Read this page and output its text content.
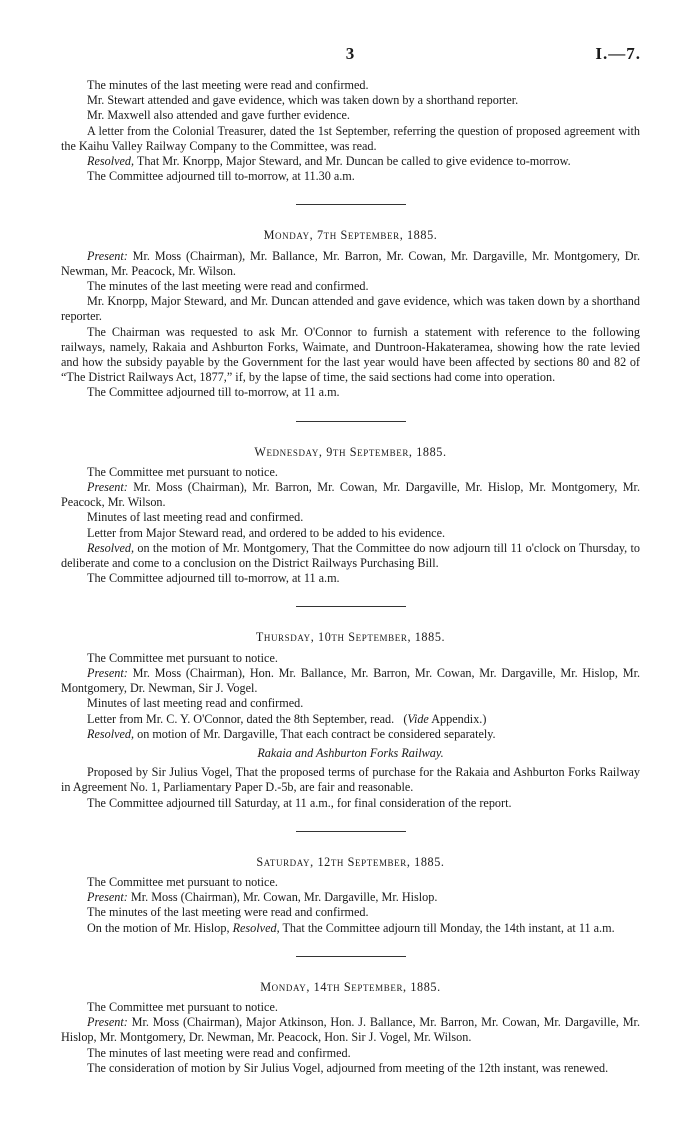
3	I.—7.

The minutes of the last meeting were read and confirmed.

Mr. Stewart attended and gave evidence, which was taken down by a shorthand reporter.

Mr. Maxwell also attended and gave further evidence.

A letter from the Colonial Treasurer, dated the 1st September, referring the question of proposed agreement with the Kaihu Valley Railway Company to the Committee, was read.

Resolved, That Mr. Knorpp, Major Steward, and Mr. Duncan be called to give evidence to-morrow.

The Committee adjourned till to-morrow, at 11.30 a.m.

Monday, 7th September, 1885.

Present: Mr. Moss (Chairman), Mr. Ballance, Mr. Barron, Mr. Cowan, Mr. Dargaville, Mr. Montgomery, Dr. Newman, Mr. Peacock, Mr. Wilson.

The minutes of the last meeting were read and confirmed.

Mr. Knorpp, Major Steward, and Mr. Duncan attended and gave evidence, which was taken down by a shorthand reporter.

The Chairman was requested to ask Mr. O'Connor to furnish a statement with reference to the following railways, namely, Rakaia and Ashburton Forks, Waimate, and Duntroon-Hakateramea, showing how the rate levied and how the subsidy payable by the Government for the last year would have been affected by sections 80 and 82 of “The District Railways Act, 1877,” if, by the lapse of time, the said sections had come into operation.

The Committee adjourned till to-morrow, at 11 a.m.

Wednesday, 9th September, 1885.

The Committee met pursuant to notice.

Present: Mr. Moss (Chairman), Mr. Barron, Mr. Cowan, Mr. Dargaville, Mr. Hislop, Mr. Montgomery, Mr. Peacock, Mr. Wilson.

Minutes of last meeting read and confirmed.

Letter from Major Steward read, and ordered to be added to his evidence.

Resolved, on the motion of Mr. Montgomery, That the Committee do now adjourn till 11 o'clock on Thursday, to deliberate and come to a conclusion on the District Railways Purchasing Bill.

The Committee adjourned till to-morrow, at 11 a.m.

Thursday, 10th September, 1885.

The Committee met pursuant to notice.

Present: Mr. Moss (Chairman), Hon. Mr. Ballance, Mr. Barron, Mr. Cowan, Mr. Dargaville, Mr. Hislop, Mr. Montgomery, Dr. Newman, Sir J. Vogel.

Minutes of last meeting read and confirmed.

Letter from Mr. C. Y. O'Connor, dated the 8th September, read.   (Vide Appendix.)

Resolved, on motion of Mr. Dargaville, That each contract be considered separately.

Rakaia and Ashburton Forks Railway.

Proposed by Sir Julius Vogel, That the proposed terms of purchase for the Rakaia and Ashburton Forks Railway in Agreement No. 1, Parliamentary Paper D.-5b, are fair and reasonable.

The Committee adjourned till Saturday, at 11 a.m., for final consideration of the report.

Saturday, 12th September, 1885.

The Committee met pursuant to notice.

Present: Mr. Moss (Chairman), Mr. Cowan, Mr. Dargaville, Mr. Hislop.

The minutes of the last meeting were read and confirmed.

On the motion of Mr. Hislop, Resolved, That the Committee adjourn till Monday, the 14th instant, at 11 a.m.

Monday, 14th September, 1885.

The Committee met pursuant to notice.

Present: Mr. Moss (Chairman), Major Atkinson, Hon. J. Ballance, Mr. Barron, Mr. Cowan, Mr. Dargaville, Mr. Hislop, Mr. Montgomery, Dr. Newman, Mr. Peacock, Hon. Sir J. Vogel, Mr. Wilson.

The minutes of last meeting were read and confirmed.

The consideration of motion by Sir Julius Vogel, adjourned from meeting of the 12th instant, was renewed.
